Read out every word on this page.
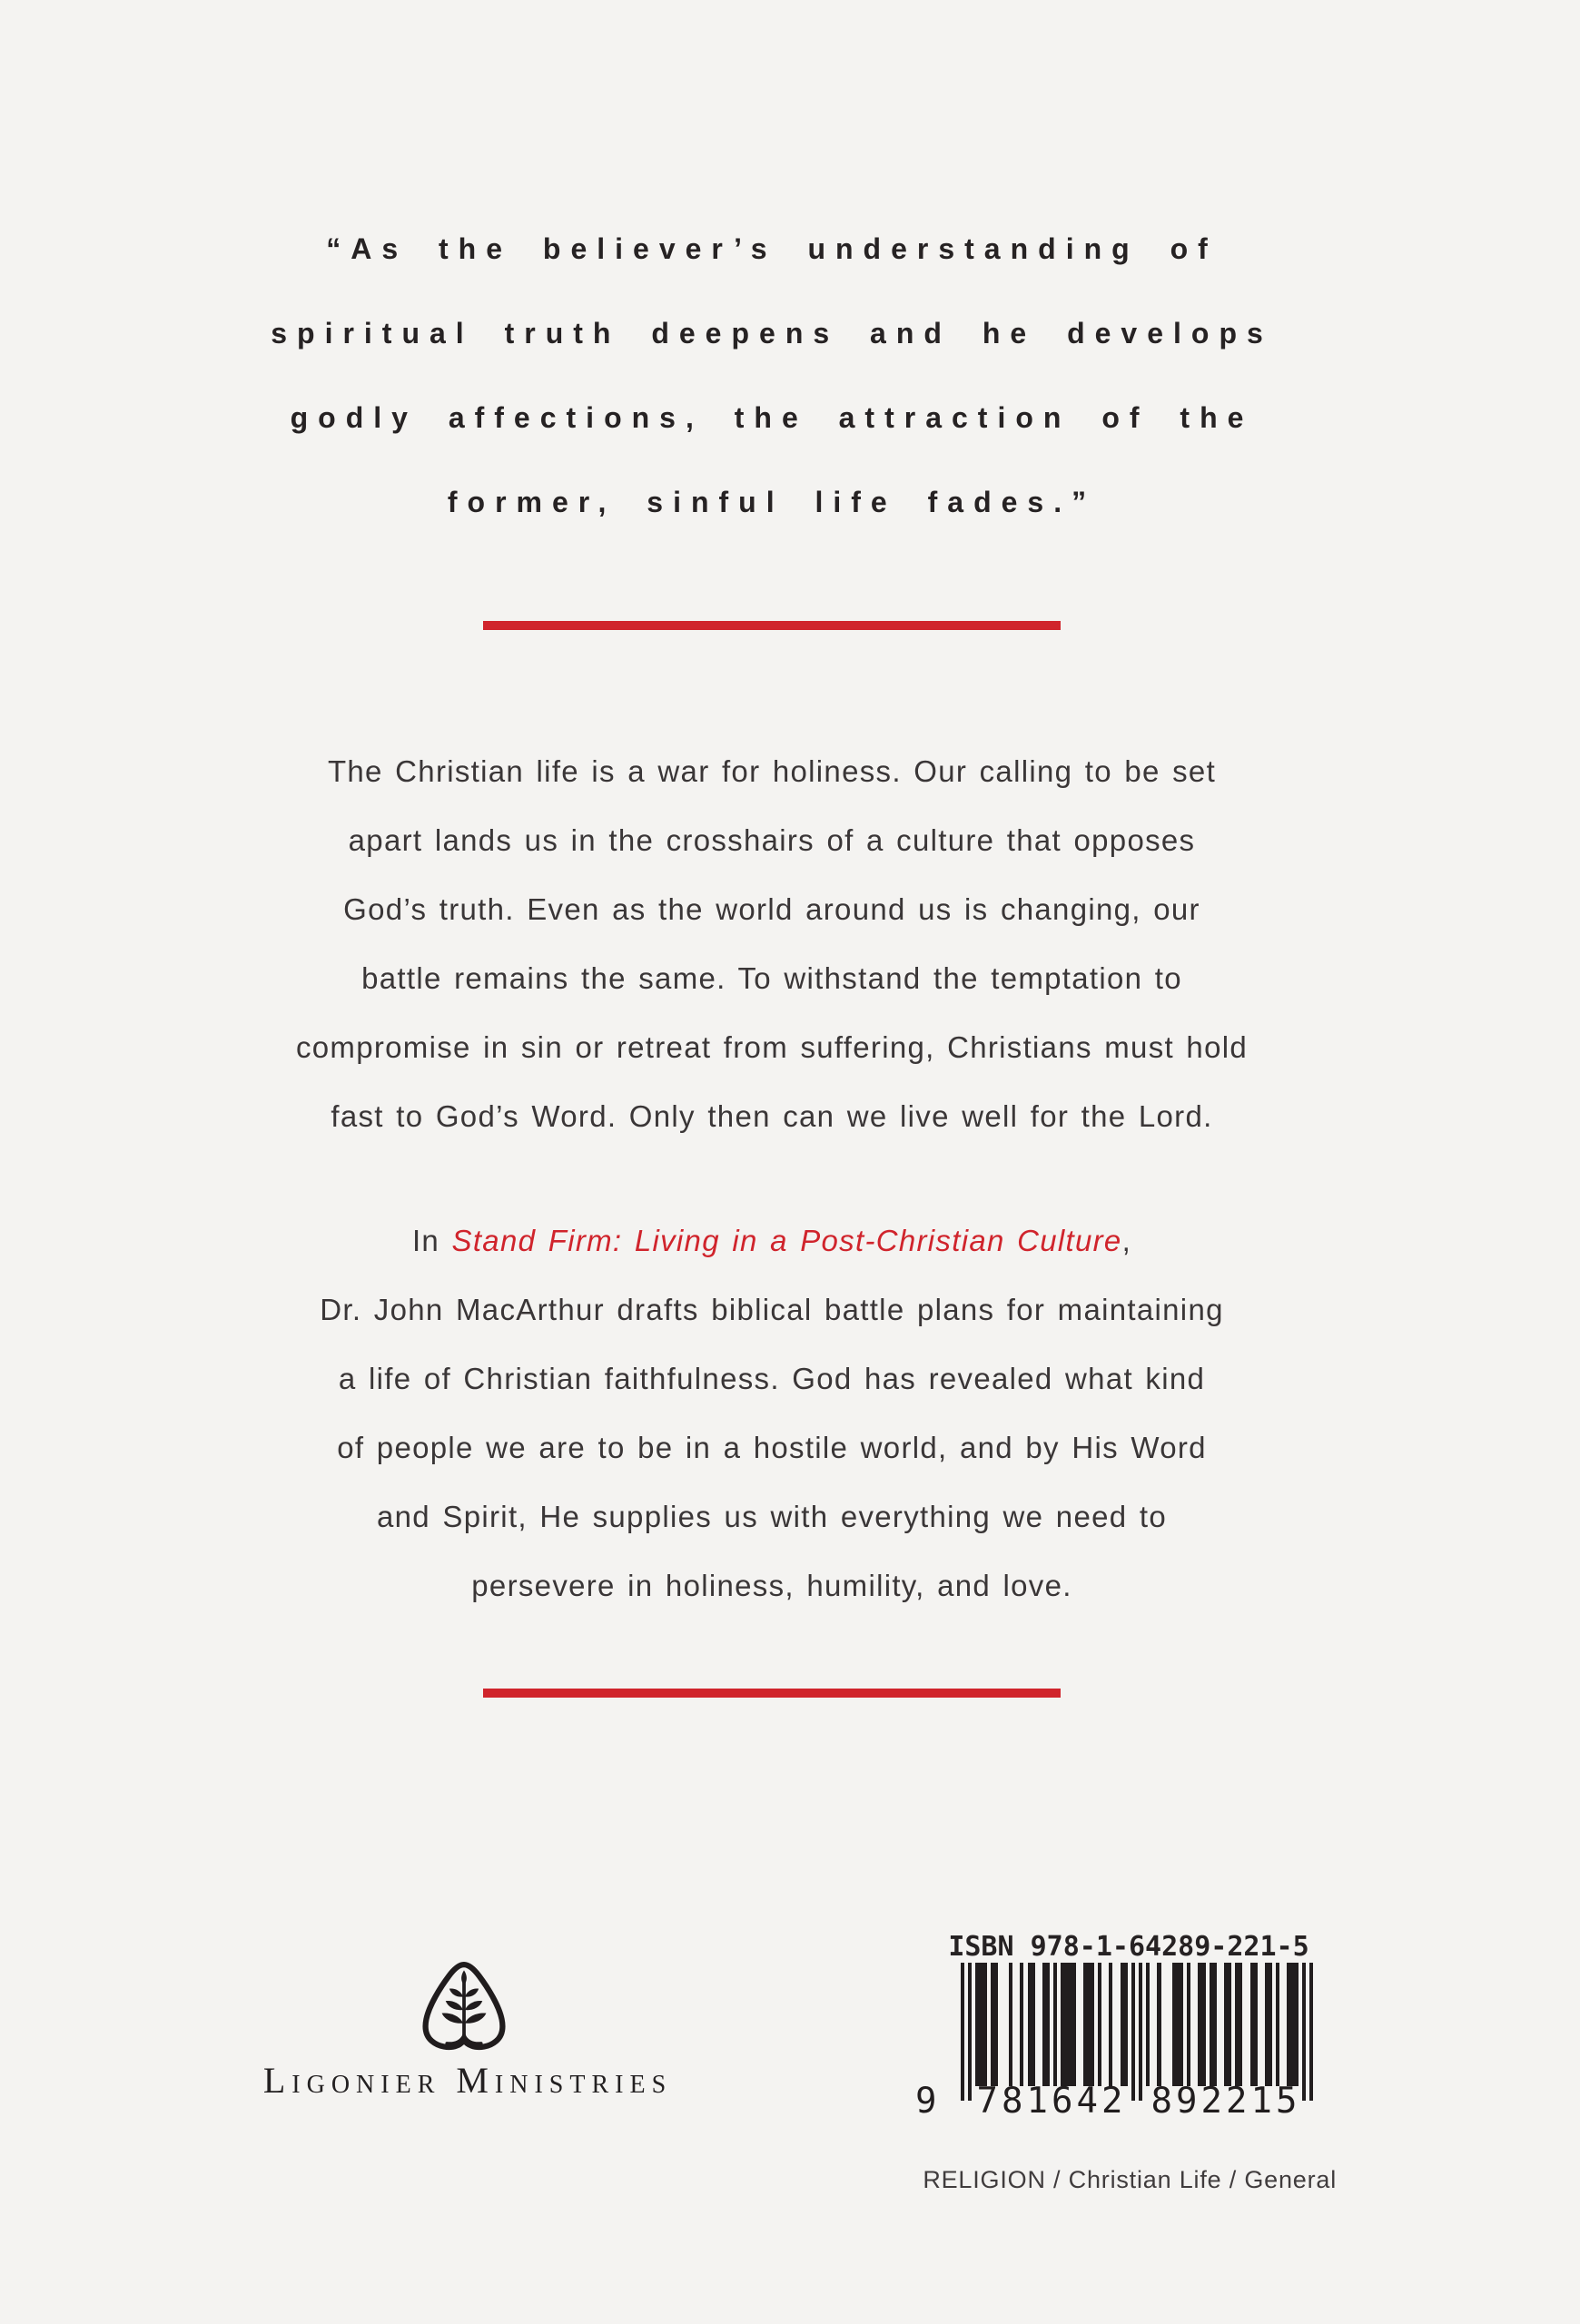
“As the believer’s understanding of
spiritual truth deepens and he develops
godly affections, the attraction of the
former, sinful life fades.”
The Christian life is a war for holiness. Our calling to be set
apart lands us in the crosshairs of a culture that opposes
God’s truth. Even as the world around us is changing, our
battle remains the same. To withstand the temptation to
compromise in sin or retreat from suffering, Christians must hold
fast to God’s Word. Only then can we live well for the Lord.
In Stand Firm: Living in a Post-Christian Culture,
Dr. John MacArthur drafts biblical battle plans for maintaining
a life of Christian faithfulness. God has revealed what kind
of people we are to be in a hostile world, and by His Word
and Spirit, He supplies us with everything we need to
persevere in holiness, humility, and love.
Ligonier Ministries
ISBN 978-1-64289-221-5
9 781642 892215
RELIGION / Christian Life / General
